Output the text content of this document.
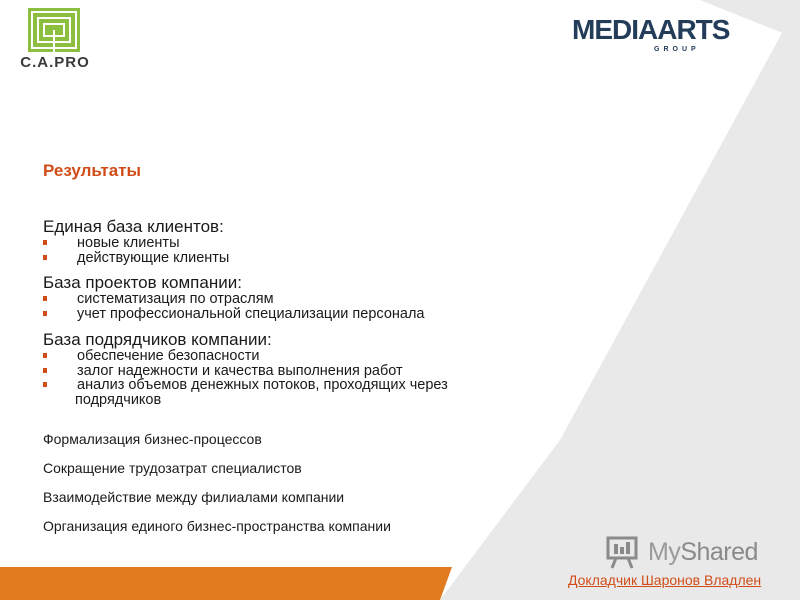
C.A.PRO
MEDIAARTS
GROUP
Результаты
Единая база клиентов:
новые клиенты
действующие клиенты
База проектов компании:
систематизация по отраслям
учет профессиональной специализации персонала
База подрядчиков компании:
обеспечение безопасности
залог надежности и качества выполнения работ
анализ объемов денежных потоков, проходящих через
подрядчиков
Формализация бизнес-процессов
Сокращение трудозатрат специалистов
Взаимодействие между филиалами компании
Организация единого бизнес-пространства компании
MyShared
Докладчик Шаронов Владлен
